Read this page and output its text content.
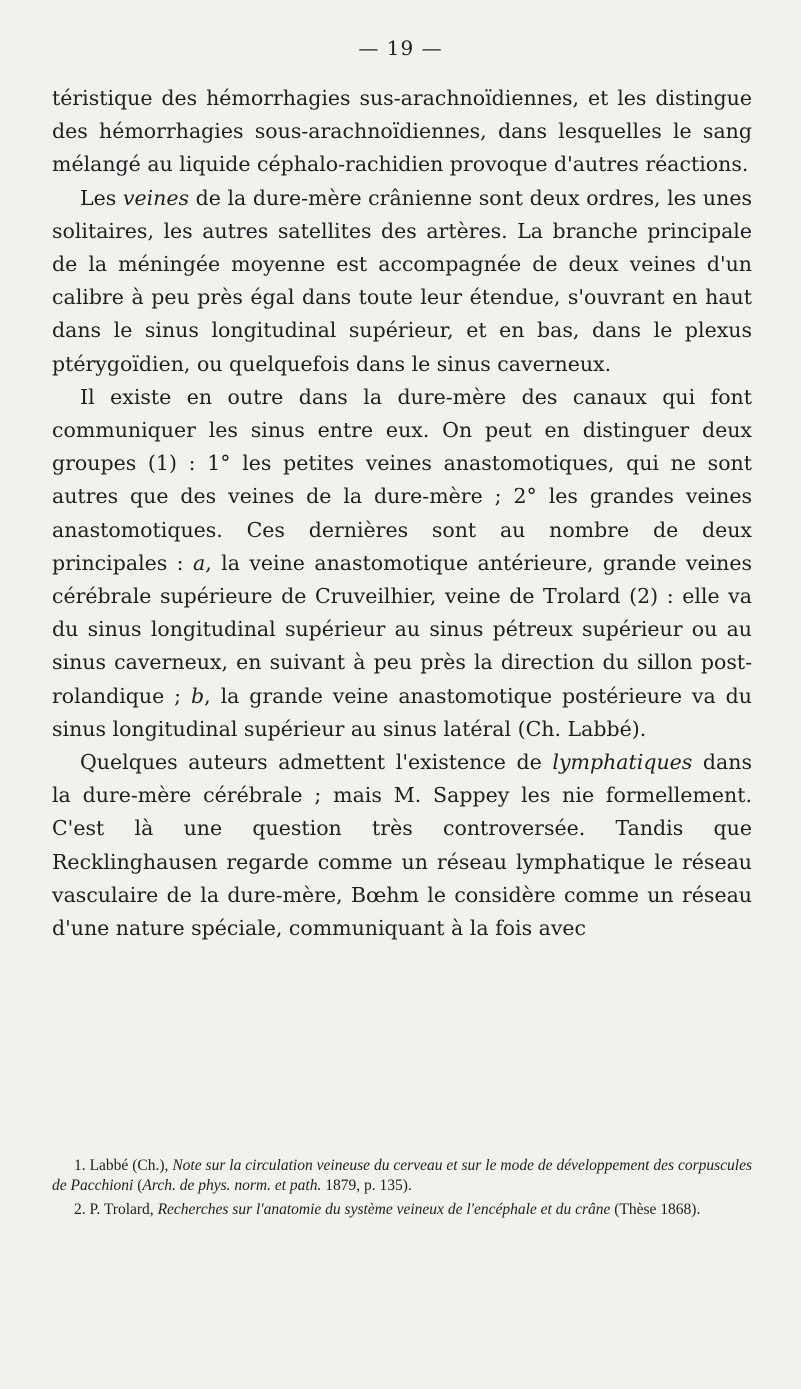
— 19 —

téristique des hémorrhagies sus-arachnoïdiennes, et les distingue des hémorrhagies sous-arachnoïdiennes, dans lesquelles le sang mélangé au liquide céphalo-rachidien provoque d'autres réactions.

Les veines de la dure-mère crânienne sont deux ordres, les unes solitaires, les autres satellites des artères. La branche principale de la méningée moyenne est accompagnée de deux veines d'un calibre à peu près égal dans toute leur étendue, s'ouvrant en haut dans le sinus longitudinal supérieur, et en bas, dans le plexus ptérygoïdien, ou quelquefois dans le sinus caverneux.

Il existe en outre dans la dure-mère des canaux qui font communiquer les sinus entre eux. On peut en distinguer deux groupes (1) : 1° les petites veines anastomotiques, qui ne sont autres que des veines de la dure-mère ; 2° les grandes veines anastomotiques. Ces dernières sont au nombre de deux principales : a, la veine anastomotique antérieure, grande veines cérébrale supérieure de Cruveilhier, veine de Trolard (2) : elle va du sinus longitudinal supérieur au sinus pétreux supérieur ou au sinus caverneux, en suivant à peu près la direction du sillon post-rolandique ; b, la grande veine anastomotique postérieure va du sinus longitudinal supérieur au sinus latéral (Ch. Labbé).

Quelques auteurs admettent l'existence de lymphatiques dans la dure-mère cérébrale ; mais M. Sappey les nie formellement. C'est là une question très controversée. Tandis que Recklinghausen regarde comme un réseau lymphatique le réseau vasculaire de la dure-mère, Bœhm le considère comme un réseau d'une nature spéciale, communiquant à la fois avec

1. Labbé (Ch.), Note sur la circulation veineuse du cerveau et sur le mode de développement des corpuscules de Pacchioni (Arch. de phys. norm. et path. 1879, p. 135).

2. P. Trolard, Recherches sur l'anatomie du système veineux de l'encéphale et du crâne (Thèse 1868).
